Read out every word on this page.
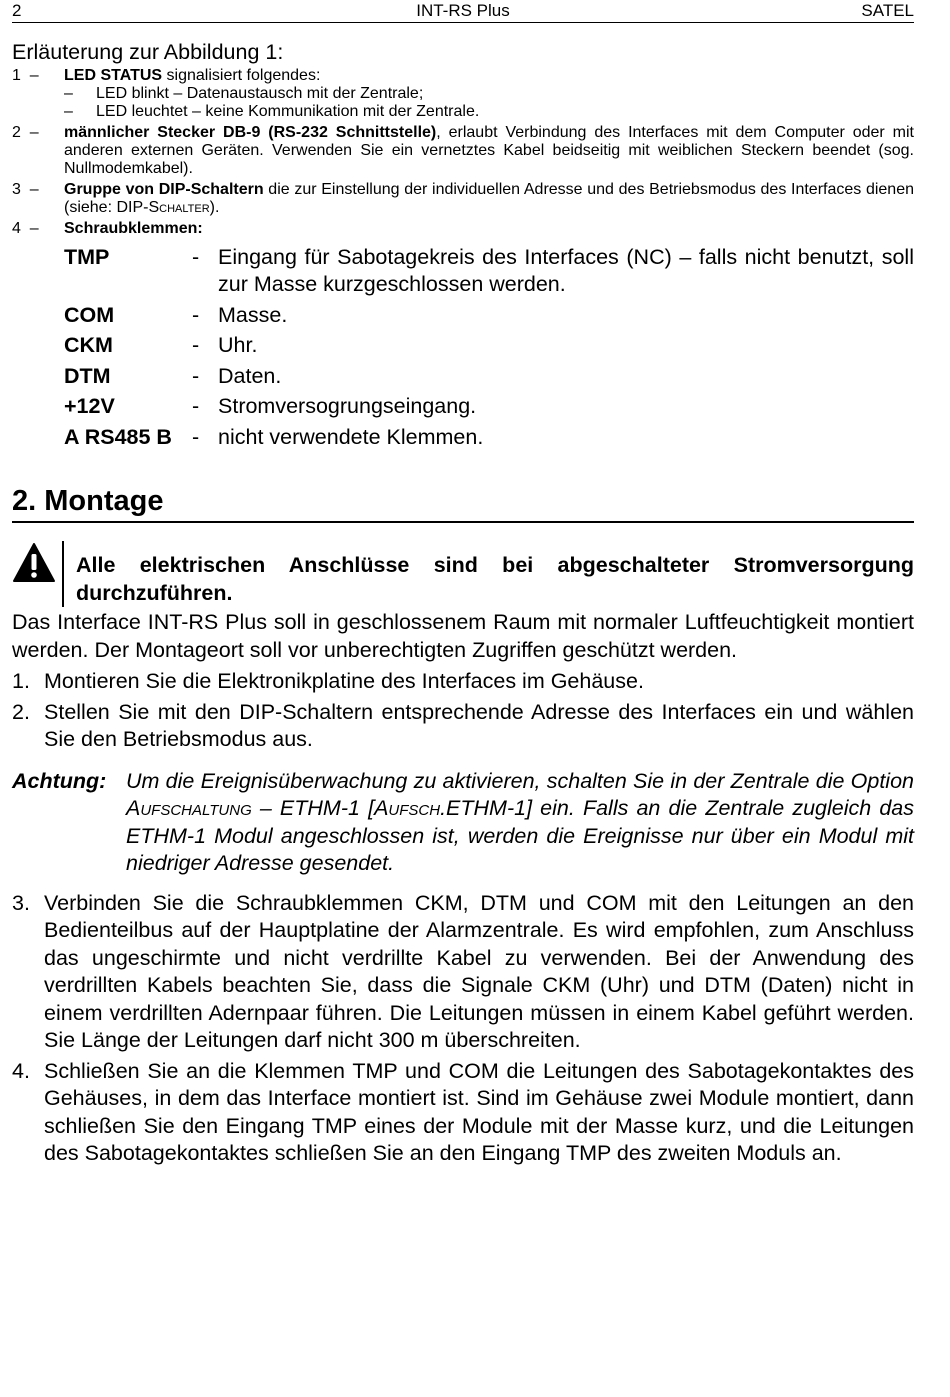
2	INT-RS Plus	SATEL

Erläuterung zur Abbildung 1:

1  –	LED STATUS signalisiert folgendes:
–	LED blinkt – Datenaustausch mit der Zentrale;
–	LED leuchtet – keine Kommunikation mit der Zentrale.
2  –	männlicher Stecker DB-9 (RS-232 Schnittstelle), erlaubt Verbindung des Interfaces mit dem Computer oder mit anderen externen Geräten. Verwenden Sie ein vernetztes Kabel beidseitig mit weiblichen Steckern beendet (sog. Nullmodemkabel).
3  –	Gruppe von DIP-Schaltern die zur Einstellung der individuellen Adresse und des Betriebsmodus des Interfaces dienen (siehe: DIP-Schalter).
4  –	Schraubklemmen:
TMP	- Eingang für Sabotagekreis des Interfaces (NC) – falls nicht benutzt, soll zur Masse kurzgeschlossen werden.
COM	- Masse.
CKM	- Uhr.
DTM	- Daten.
+12V	- Stromversogrungseingang.
A RS485 B - nicht verwendete Klemmen.
2. Montage
Alle elektrischen Anschlüsse sind bei abgeschalteter Stromversorgung durchzuführen.

Das Interface INT-RS Plus soll in geschlossenem Raum mit normaler Luftfeuchtigkeit montiert werden. Der Montageort soll vor unberechtigten Zugriffen geschützt werden.

1. Montieren Sie die Elektronikplatine des Interfaces im Gehäuse.
2. Stellen Sie mit den DIP-Schaltern entsprechende Adresse des Interfaces ein und wählen Sie den Betriebsmodus aus.
Achtung: Um die Ereignisüberwachung zu aktivieren, schalten Sie in der Zentrale die Option Aufschaltung – ETHM-1 [Aufsch.ETHM-1] ein. Falls an die Zentrale zugleich das ETHM-1 Modul angeschlossen ist, werden die Ereignisse nur über ein Modul mit niedriger Adresse gesendet.
3. Verbinden Sie die Schraubklemmen CKM, DTM und COM mit den Leitungen an den Bedienteilbus auf der Hauptplatine der Alarmzentrale. Es wird empfohlen, zum Anschluss das ungeschirmte und nicht verdrillte Kabel zu verwenden. Bei der Anwendung des verdrillten Kabels beachten Sie, dass die Signale CKM (Uhr) und DTM (Daten) nicht in einem verdrillten Adernpaar führen. Die Leitungen müssen in einem Kabel geführt werden. Sie Länge der Leitungen darf nicht 300 m überschreiten.
4. Schließen Sie an die Klemmen TMP und COM die Leitungen des Sabotagekontaktes des Gehäuses, in dem das Interface montiert ist. Sind im Gehäuse zwei Module montiert, dann schließen Sie den Eingang TMP eines der Module mit der Masse kurz, und die Leitungen des Sabotagekontaktes schließen Sie an den Eingang TMP des zweiten Moduls an.
